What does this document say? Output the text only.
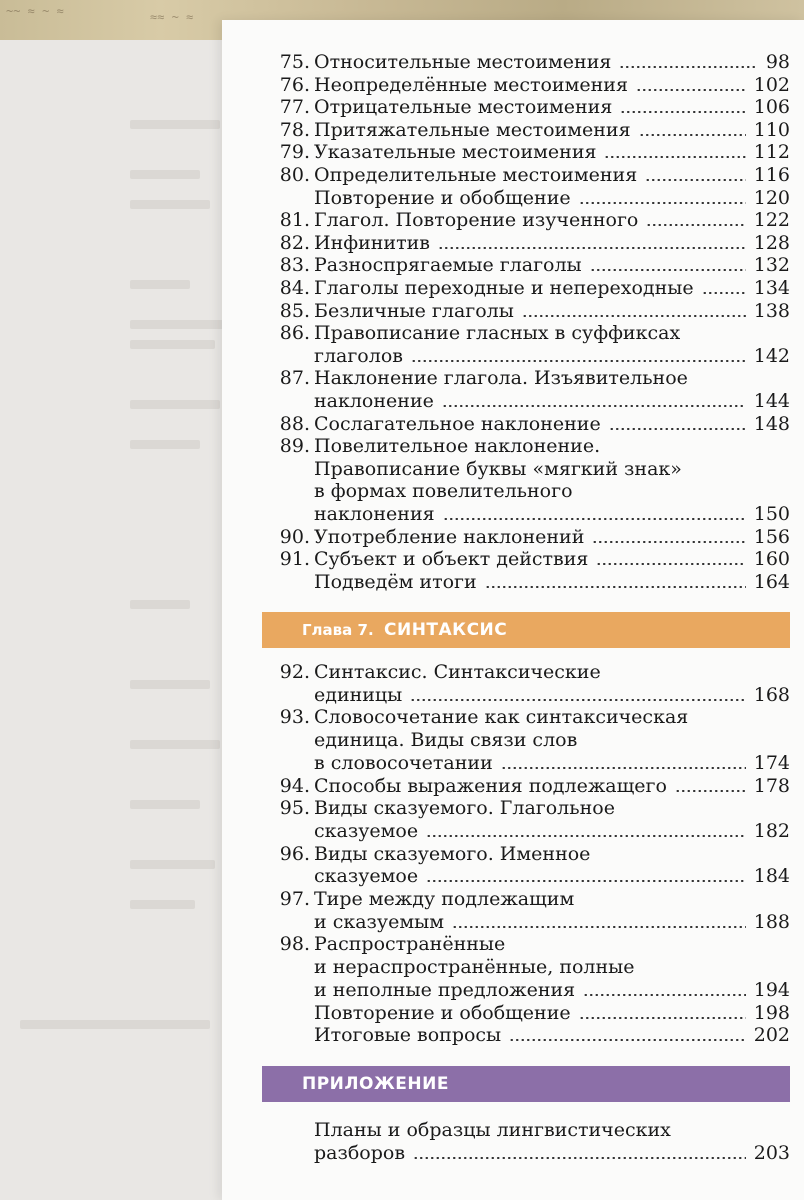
~~ ≈ ~ ≈	≈≈ ~ ≈
75. Относительные местоимения	98
76. Неопределённые местоимения	102
77. Отрицательные местоимения	106
78. Притяжательные местоимения	110
79. Указательные местоимения	112
80. Определительные местоимения	116
Повторение и обобщение	120
81. Глагол. Повторение изученного	122
82. Инфинитив	128
83. Разноспрягаемые глаголы	132
84. Глаголы переходные и непереходные	134
85. Безличные глаголы	138
86. Правописание гласных в суффиксах
глаголов	142
87. Наклонение глагола. Изъявительное
наклонение	144
88. Сослагательное наклонение	148
89. Повелительное наклонение.
Правописание буквы «мягкий знак»
в формах повелительного
наклонения	150
90. Употребление наклонений	156
91. Субъект и объект действия	160
Подведём итоги	164
Глава 7. СИНТАКСИС
92. Синтаксис. Синтаксические
единицы	168
93. Словосочетание как синтаксическая
единица. Виды связи слов
в словосочетании	174
94. Способы выражения подлежащего	178
95. Виды сказуемого. Глагольное
сказуемое	182
96. Виды сказуемого. Именное
сказуемое	184
97. Тире между подлежащим
и сказуемым	188
98. Распространённые
и нераспространённые, полные
и неполные предложения	194
Повторение и обобщение	198
Итоговые вопросы	202
ПРИЛОЖЕНИЕ
Планы и образцы лингвистических
разборов	203
